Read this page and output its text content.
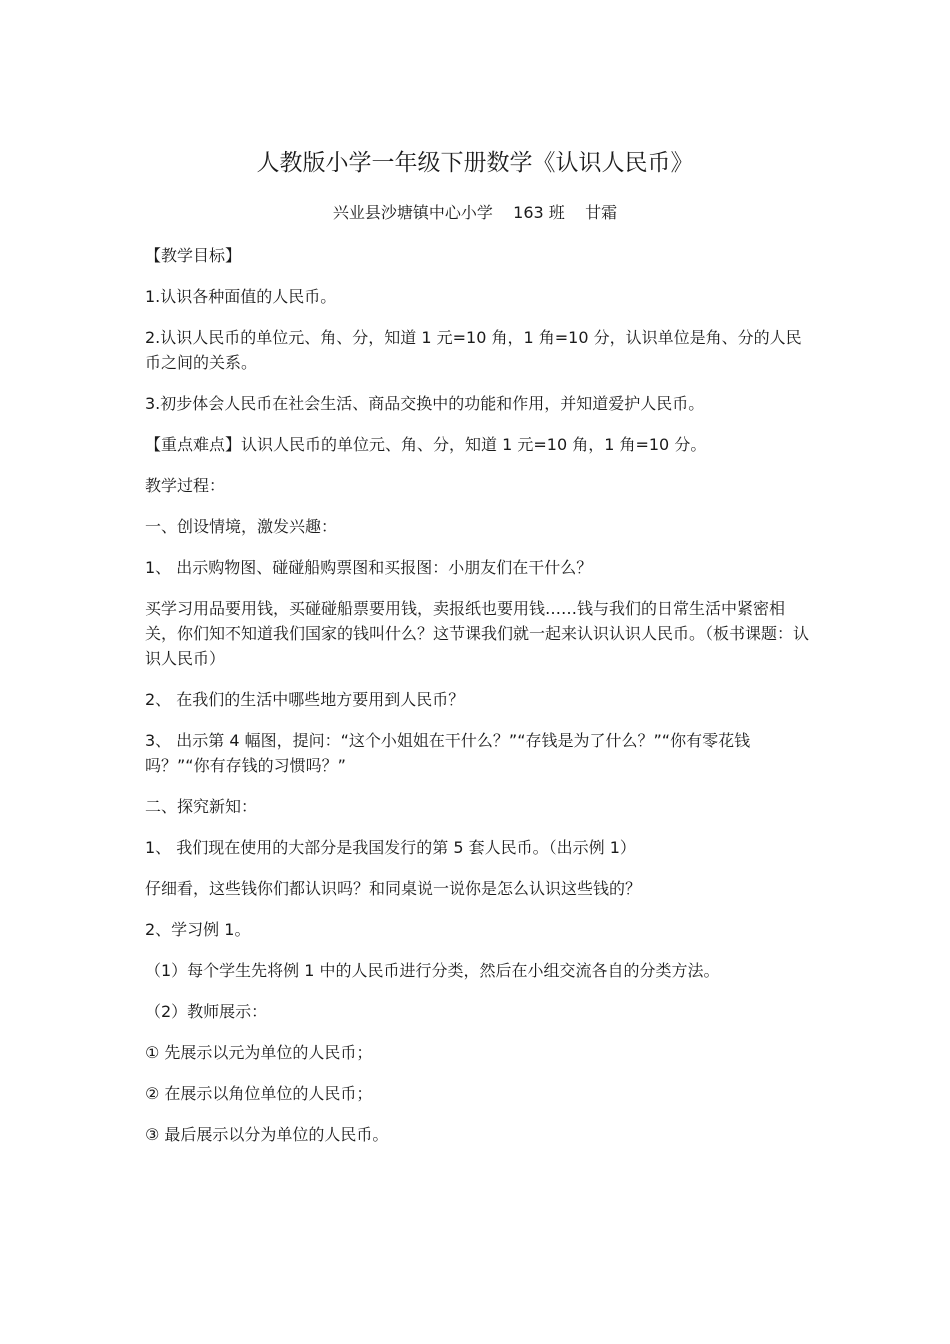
人教版小学一年级下册数学《认识人民币》
兴业县沙塘镇中心小学    163 班    甘霜

【教学目标】

1.认识各种面值的人民币。

2.认识人民币的单位元、角、分，知道 1 元=10 角，1 角=10 分，认识单位是角、分的人民币之间的关系。

3.初步体会人民币在社会生活、商品交换中的功能和作用，并知道爱护人民币。

【重点难点】认识人民币的单位元、角、分，知道 1 元=10 角，1 角=10 分。

教学过程：

一、创设情境，激发兴趣：

1、 出示购物图、碰碰船购票图和买报图：小朋友们在干什么？

买学习用品要用钱，买碰碰船票要用钱，卖报纸也要用钱……钱与我们的日常生活中紧密相关，你们知不知道我们国家的钱叫什么？这节课我们就一起来认识认识人民币。（板书课题：认识人民币）

2、 在我们的生活中哪些地方要用到人民币？

3、 出示第 4 幅图，提问：“这个小姐姐在干什么？”“存钱是为了什么？”“你有零花钱吗？”“你有存钱的习惯吗？”

二、探究新知：

1、 我们现在使用的大部分是我国发行的第 5 套人民币。（出示例 1）

仔细看，这些钱你们都认识吗？和同桌说一说你是怎么认识这些钱的？

2、学习例 1。

（1）每个学生先将例 1 中的人民币进行分类，然后在小组交流各自的分类方法。

（2）教师展示：

① 先展示以元为单位的人民币；

② 在展示以角位单位的人民币；

③ 最后展示以分为单位的人民币。
